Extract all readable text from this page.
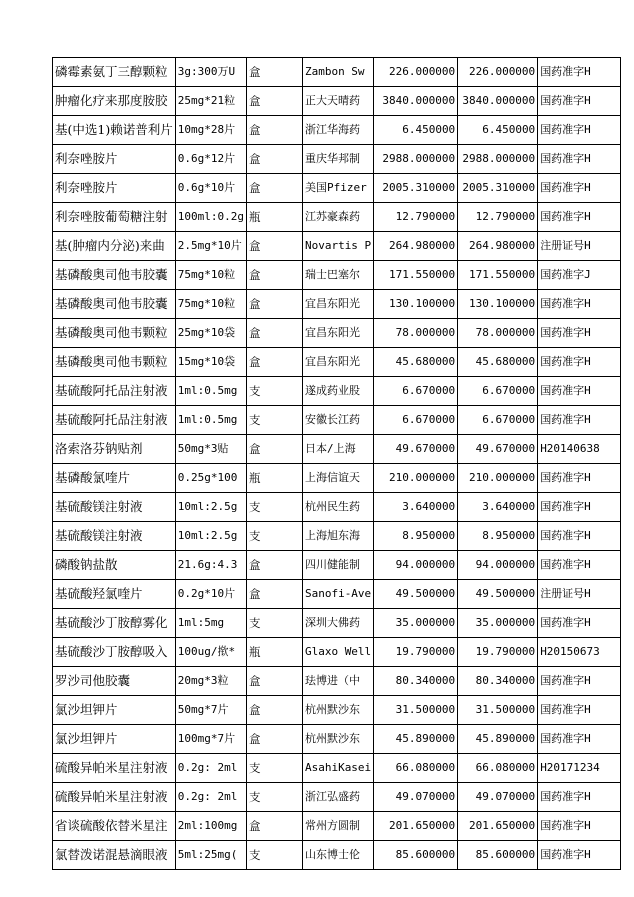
磷霉素氨丁三醇颗粒	3g:300万U	盒	Zambon Sw	226.000000	226.000000	国药准字H
肿瘤化疗来那度胺胶	25mg*21粒	盒	正大天晴药	3840.000000	3840.000000	国药准字H
基(中选1)赖诺普利片	10mg*28片	盒	浙江华海药	6.450000	6.450000	国药准字H
利奈唑胺片	0.6g*12片	盒	重庆华邦制	2988.000000	2988.000000	国药准字H
利奈唑胺片	0.6g*10片	盒	美国Pfizer	2005.310000	2005.310000	国药准字H
利奈唑胺葡萄糖注射	100ml:0.2g	瓶	江苏豪森药	12.790000	12.790000	国药准字H
基(肿瘤内分泌)来曲	2.5mg*10片	盒	Novartis P	264.980000	264.980000	注册证号H
基磷酸奥司他韦胶囊	75mg*10粒	盒	瑞士巴塞尔	171.550000	171.550000	国药准字J
基磷酸奥司他韦胶囊	75mg*10粒	盒	宜昌东阳光	130.100000	130.100000	国药准字H
基磷酸奥司他韦颗粒	25mg*10袋	盒	宜昌东阳光	78.000000	78.000000	国药准字H
基磷酸奥司他韦颗粒	15mg*10袋	盒	宜昌东阳光	45.680000	45.680000	国药准字H
基硫酸阿托品注射液	1ml:0.5mg	支	遂成药业股	6.670000	6.670000	国药准字H
基硫酸阿托品注射液	1ml:0.5mg	支	安徽长江药	6.670000	6.670000	国药准字H
洛索洛芬钠贴剂	50mg*3贴	盒	日本/上海	49.670000	49.670000	H20140638
基磷酸氯喹片	0.25g*100	瓶	上海信谊天	210.000000	210.000000	国药准字H
基硫酸镁注射液	10ml:2.5g	支	杭州民生药	3.640000	3.640000	国药准字H
基硫酸镁注射液	10ml:2.5g	支	上海旭东海	8.950000	8.950000	国药准字H
磷酸钠盐散	21.6g:4.3	盒	四川健能制	94.000000	94.000000	国药准字H
基硫酸羟氯喹片	0.2g*10片	盒	Sanofi-Ave	49.500000	49.500000	注册证号H
基硫酸沙丁胺醇雾化	1ml:5mg	支	深圳大佛药	35.000000	35.000000	国药准字H
基硫酸沙丁胺醇吸入	100ug/揿*	瓶	Glaxo Well	19.790000	19.790000	H20150673
罗沙司他胶囊	20mg*3粒	盒	珐博进（中	80.340000	80.340000	国药准字H
氯沙坦钾片	50mg*7片	盒	杭州默沙东	31.500000	31.500000	国药准字H
氯沙坦钾片	100mg*7片	盒	杭州默沙东	45.890000	45.890000	国药准字H
硫酸异帕米星注射液	0.2g: 2ml	支	AsahiKasei	66.080000	66.080000	H20171234
硫酸异帕米星注射液	0.2g: 2ml	支	浙江弘盛药	49.070000	49.070000	国药准字H
省谈硫酸依替米星注	2ml:100mg	盒	常州方圆制	201.650000	201.650000	国药准字H
氯替泼诺混悬滴眼液	5ml:25mg(	支	山东博士伦	85.600000	85.600000	国药准字H
